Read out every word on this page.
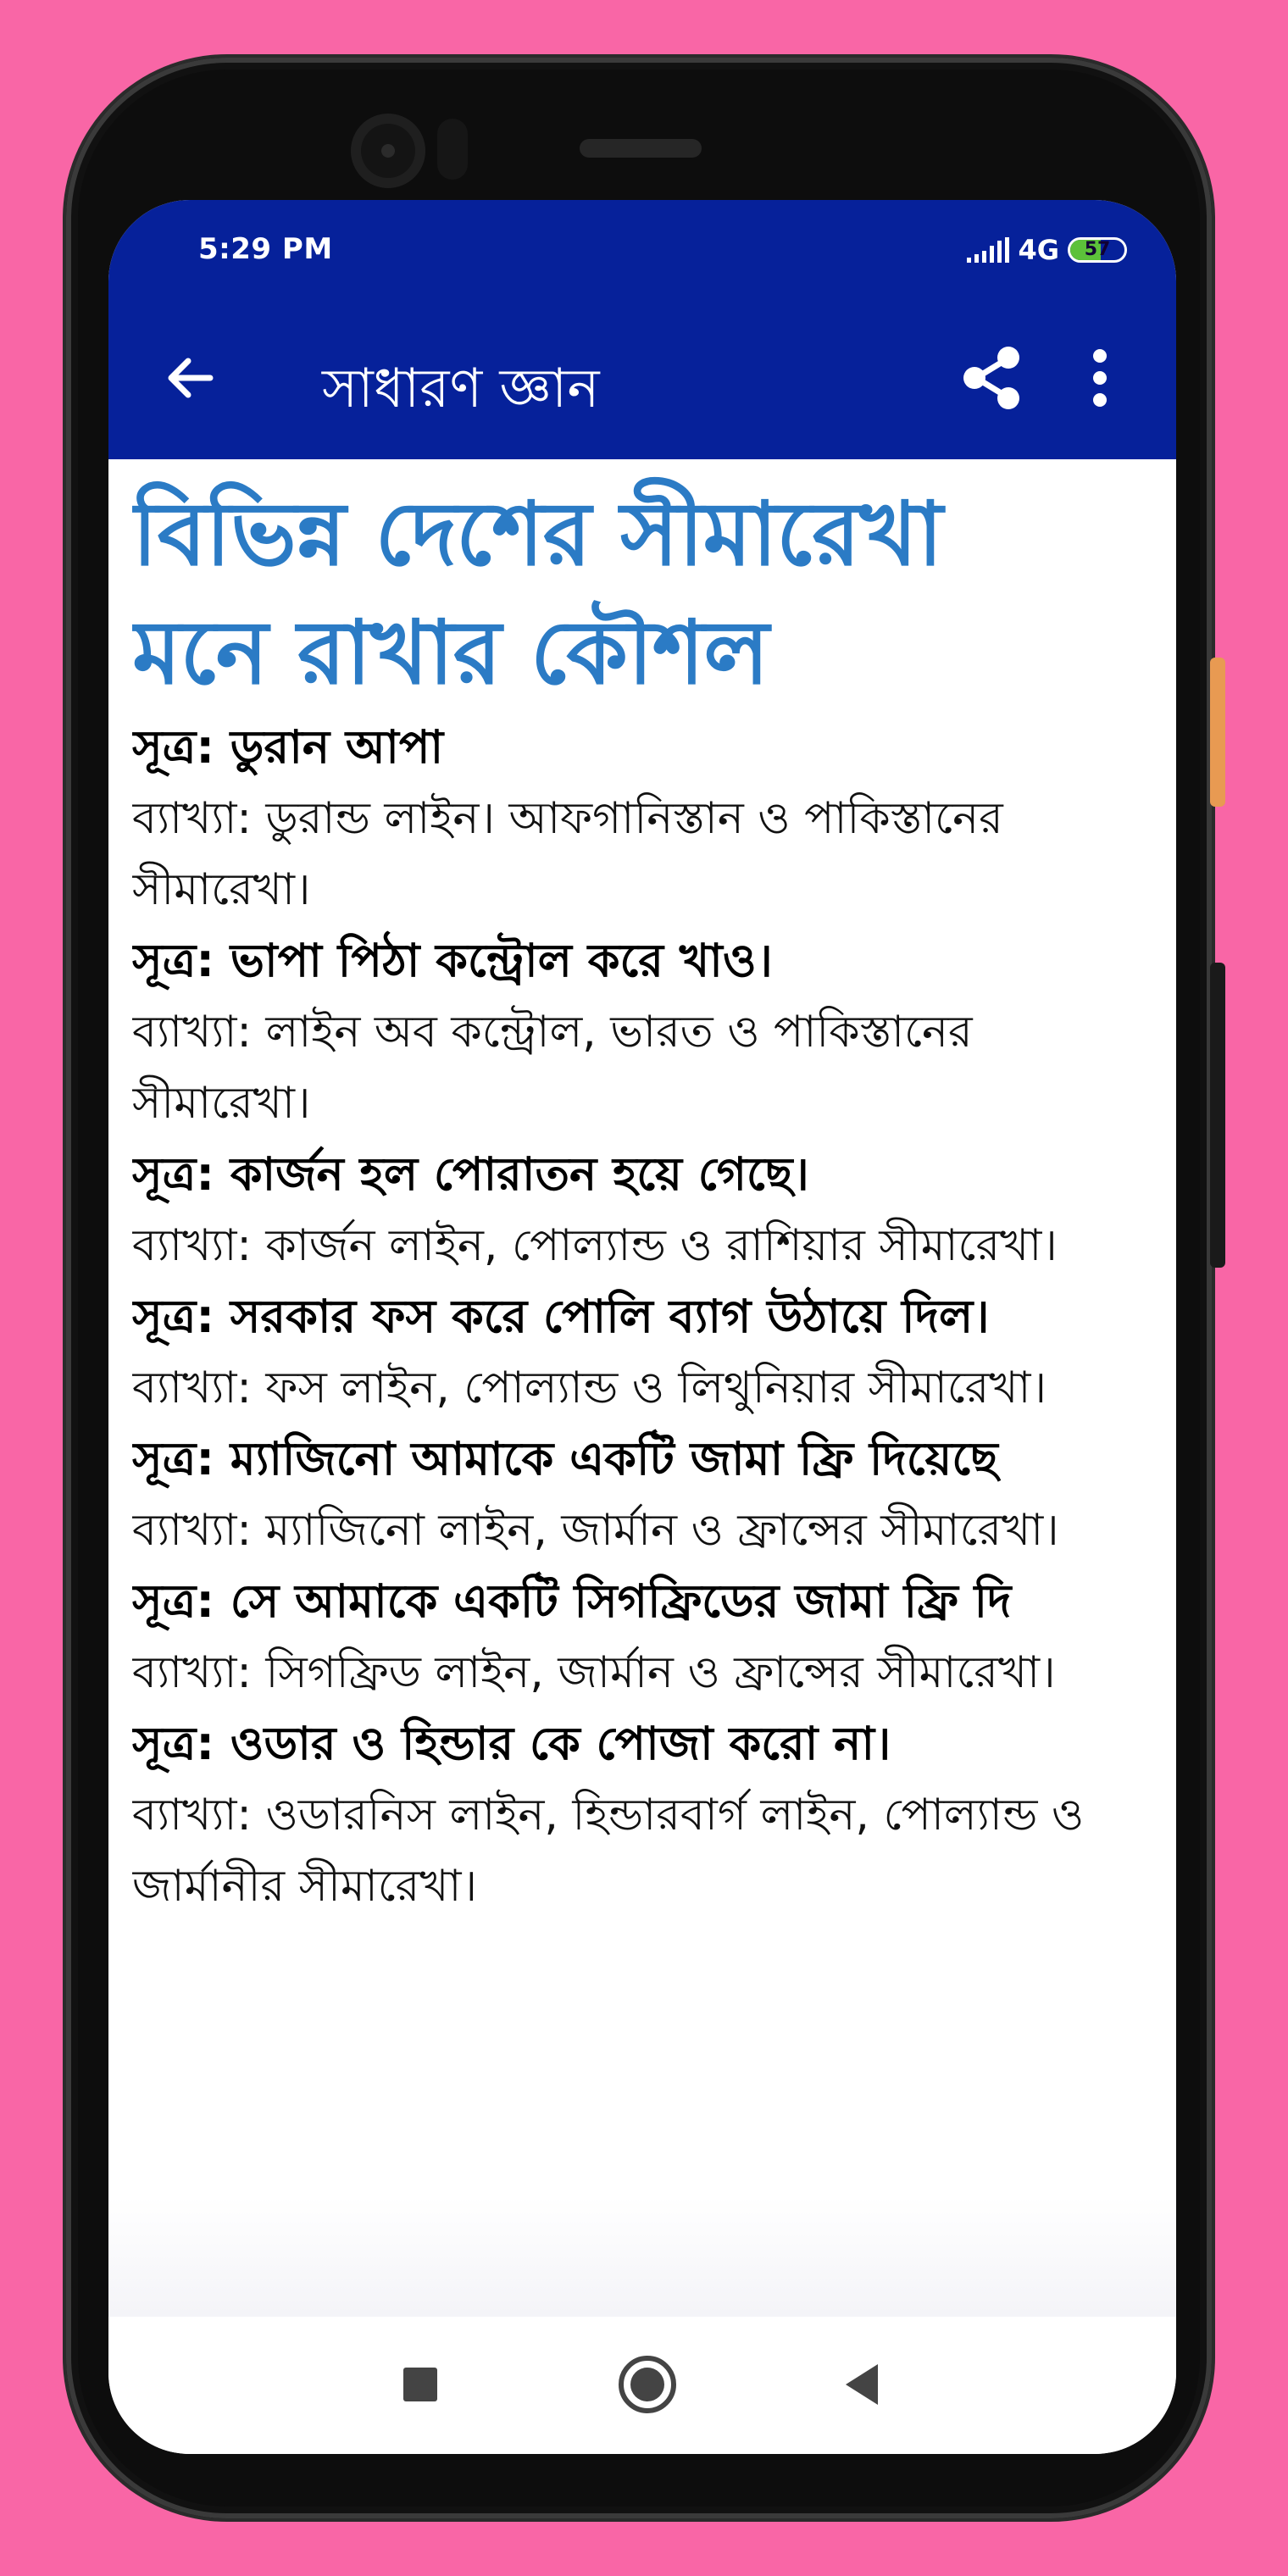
5:29 PM	4G	57
সাধারণ জ্ঞান
বিভিন্ন দেশের সীমারেখা মনে রাখার কৌশল
সূত্র: ডুরান আপা
ব্যাখ্যা: ডুরান্ড লাইন। আফগানিস্তান ও পাকিস্তানের সীমারেখা।
সূত্র: ভাপা পিঠা কন্ট্রোল করে খাও।
ব্যাখ্যা: লাইন অব কন্ট্রোল, ভারত ও পাকিস্তানের সীমারেখা।
সূত্র: কার্জন হল পোরাতন হয়ে গেছে।
ব্যাখ্যা: কার্জন লাইন, পোল্যান্ড ও রাশিয়ার সীমারেখা।
সূত্র: সরকার ফস করে পোলি ব্যাগ উঠায়ে দিল।
ব্যাখ্যা: ফস লাইন, পোল্যান্ড ও লিথুনিয়ার সীমারেখা।
সূত্র: ম্যাজিনো আমাকে একটি জামা ফ্রি দিয়েছে
ব্যাখ্যা: ম্যাজিনো লাইন, জার্মান ও ফ্রান্সের সীমারেখা।
সূত্র: সে আমাকে একটি সিগফ্রিডের জামা ফ্রি দি
ব্যাখ্যা: সিগফ্রিড লাইন, জার্মান ও ফ্রান্সের সীমারেখা।
সূত্র: ওডার ও হিন্ডার কে পোজা করো না।
ব্যাখ্যা: ওডারনিস লাইন, হিন্ডারবার্গ লাইন, পোল্যান্ড ও জার্মানীর সীমারেখা।
